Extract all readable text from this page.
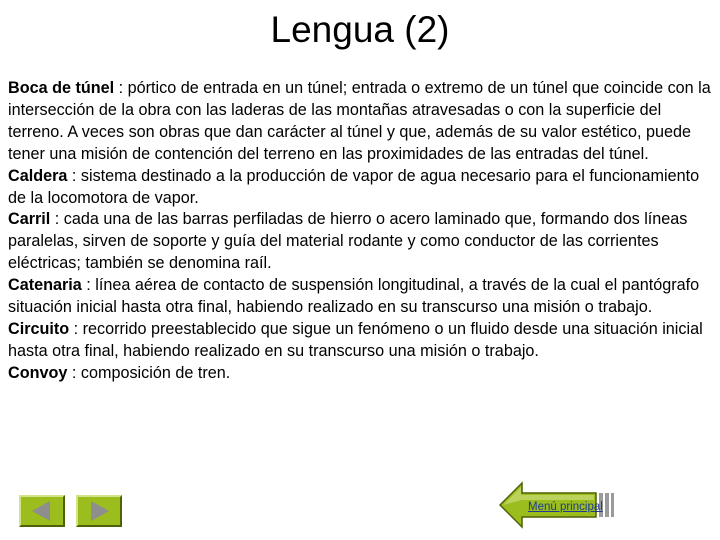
Lengua (2)

Boca de túnel : pórtico de entrada en un túnel; entrada o extremo de un túnel que coincide con la intersección de la obra con las laderas de las montañas atravesadas o con la superficie del terreno. A veces son obras que dan carácter al túnel y que, además de su valor estético, puede tener una misión de contención del terreno en las proximidades de las entradas del túnel.

Caldera : sistema destinado a la producción de vapor de agua necesario para el funcionamiento de la locomotora de vapor.

Carril : cada una de las barras perfiladas de hierro o acero laminado que, formando dos líneas paralelas, sirven de soporte y guía del material rodante y como conductor de las corrientes eléctricas; también se denomina raíl.

Catenaria : línea aérea de contacto de suspensión longitudinal, a través de la cual el pantógrafo situación inicial hasta otra final, habiendo realizado en su transcurso una misión o trabajo.

Circuito : recorrido preestablecido que sigue un fenómeno o un fluido desde una situación inicial hasta otra final, habiendo realizado en su transcurso una misión o trabajo.

Convoy : composición de tren.

Menú principal
